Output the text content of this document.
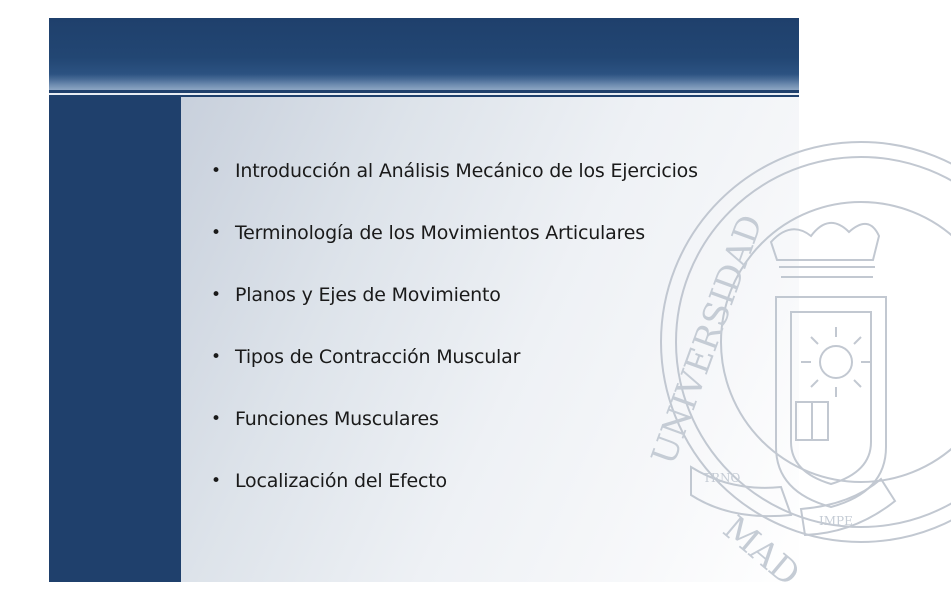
UNIVERSIDAD
MAD
TRNO
IMPE
• Introducción al Análisis Mecánico de los Ejercicios
• Terminología de los Movimientos Articulares
• Planos y Ejes de Movimiento
• Tipos de Contracción Muscular
• Funciones Musculares
• Localización del Efecto
